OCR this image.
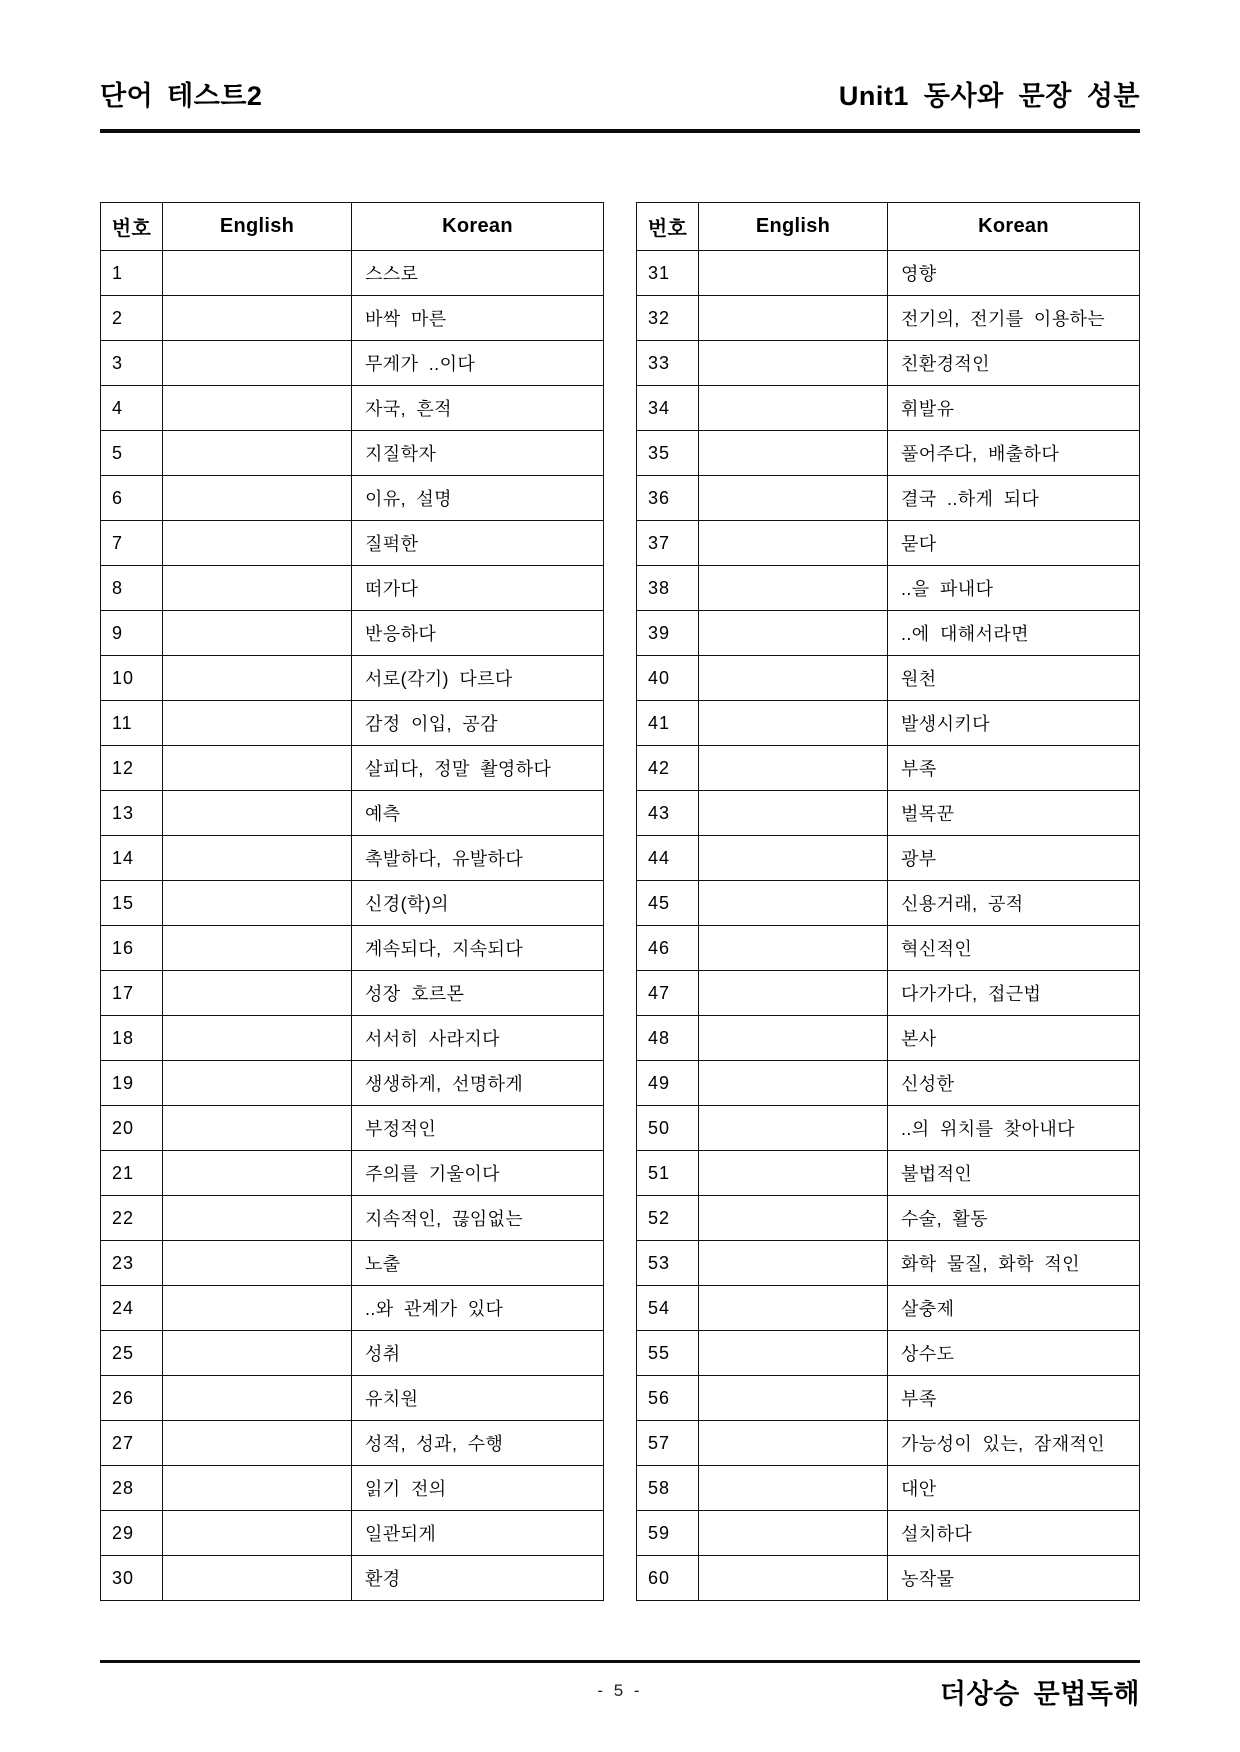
단어 테스트2	Unit1 동사와 문장 성분
번호	English	Korean
1		스스로
2		바싹 마른
3		무게가 ..이다
4		자국, 흔적
5		지질학자
6		이유, 설명
7		질퍽한
8		떠가다
9		반응하다
10		서로(각기) 다르다
11		감정 이입, 공감
12		살피다, 정말 촬영하다
13		예측
14		촉발하다, 유발하다
15		신경(학)의
16		계속되다, 지속되다
17		성장 호르몬
18		서서히 사라지다
19		생생하게, 선명하게
20		부정적인
21		주의를 기울이다
22		지속적인, 끊임없는
23		노출
24		..와 관계가 있다
25		성취
26		유치원
27		성적, 성과, 수행
28		읽기 전의
29		일관되게
30		환경
번호	English	Korean
31		영향
32		전기의, 전기를 이용하는
33		친환경적인
34		휘발유
35		풀어주다, 배출하다
36		결국 ..하게 되다
37		묻다
38		..을 파내다
39		..에 대해서라면
40		원천
41		발생시키다
42		부족
43		벌목꾼
44		광부
45		신용거래, 공적
46		혁신적인
47		다가가다, 접근법
48		본사
49		신성한
50		..의 위치를 찾아내다
51		불법적인
52		수술, 활동
53		화학 물질, 화학 적인
54		살충제
55		상수도
56		부족
57		가능성이 있는, 잠재적인
58		대안
59		설치하다
60		농작물
- 5 -	더상승 문법독해
